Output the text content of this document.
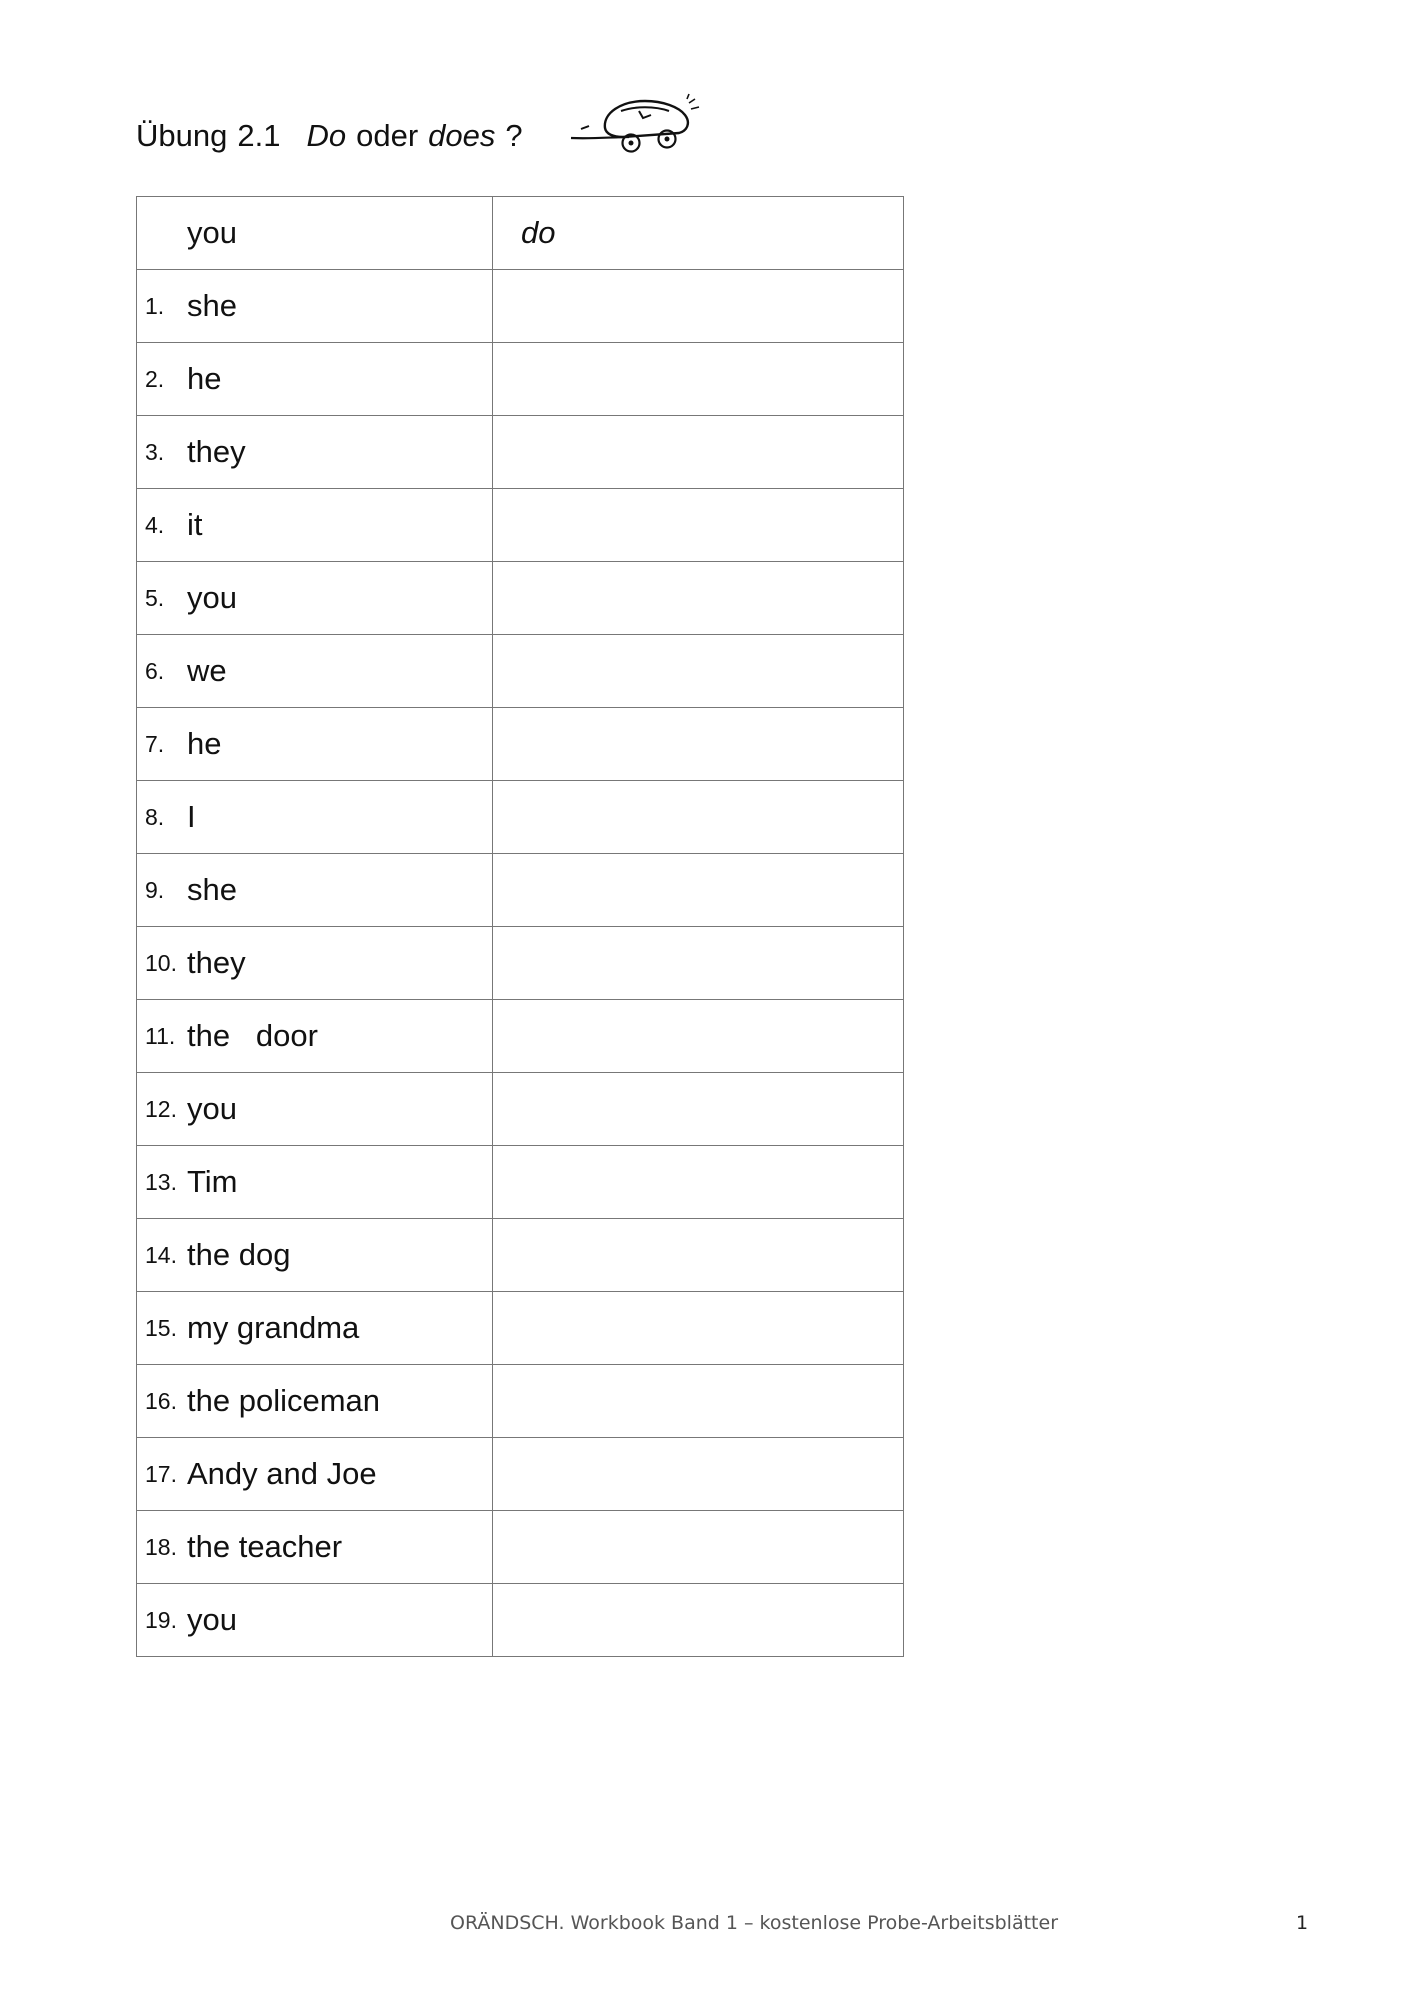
Übung 2.1 Do oder does ?

you	do

1. she	

2. he	

3. they	

4. it	

5. you	

6. we	

7. he	

8. I	

9. she	

10. they	

11. the   door	

12. you	

13. Tim	

14. the dog	

15. my grandma	

16. the policeman	

17. Andy and Joe	

18. the teacher	

19. you	

ORÄNDSCH. Workbook Band 1 – kostenlose Probe-Arbeitsblätter	1
